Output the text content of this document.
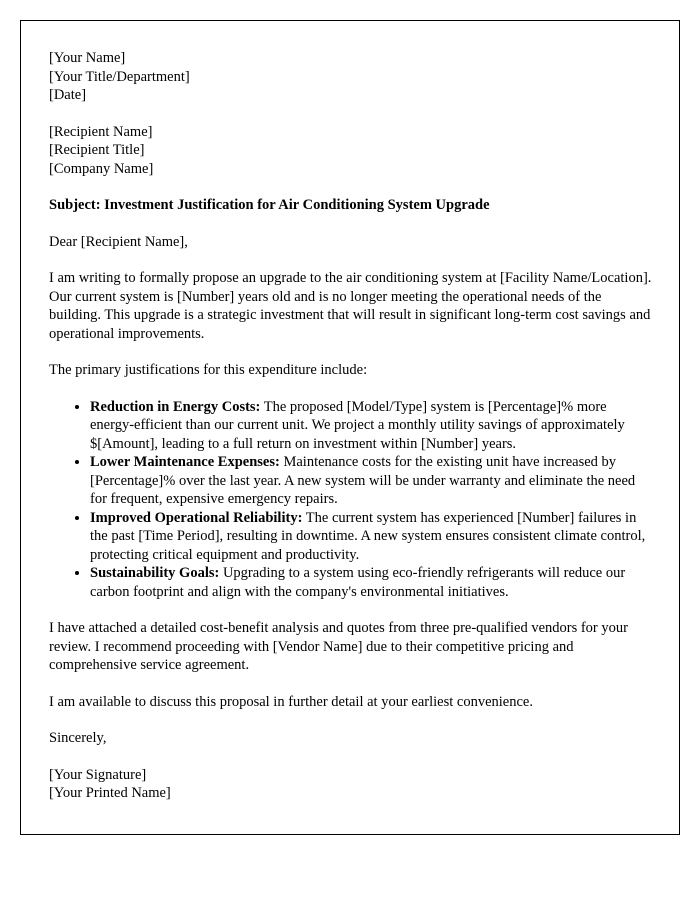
[Your Name]
[Your Title/Department]
[Date]
[Recipient Name]
[Recipient Title]
[Company Name]

Subject: Investment Justification for Air Conditioning System Upgrade

Dear [Recipient Name],

I am writing to formally propose an upgrade to the air conditioning system at [Facility Name/Location]. Our current system is [Number] years old and is no longer meeting the operational needs of the building. This upgrade is a strategic investment that will result in significant long-term cost savings and operational improvements.

The primary justifications for this expenditure include:

• Reduction in Energy Costs: The proposed [Model/Type] system is [Percentage]% more energy-efficient than our current unit. We project a monthly utility savings of approximately $[Amount], leading to a full return on investment within [Number] years.
• Lower Maintenance Expenses: Maintenance costs for the existing unit have increased by [Percentage]% over the last year. A new system will be under warranty and eliminate the need for frequent, expensive emergency repairs.
• Improved Operational Reliability: The current system has experienced [Number] failures in the past [Time Period], resulting in downtime. A new system ensures consistent climate control, protecting critical equipment and productivity.
• Sustainability Goals: Upgrading to a system using eco-friendly refrigerants will reduce our carbon footprint and align with the company's environmental initiatives.

I have attached a detailed cost-benefit analysis and quotes from three pre-qualified vendors for your review. I recommend proceeding with [Vendor Name] due to their competitive pricing and comprehensive service agreement.

I am available to discuss this proposal in further detail at your earliest convenience.

Sincerely,

[Your Signature]
[Your Printed Name]
